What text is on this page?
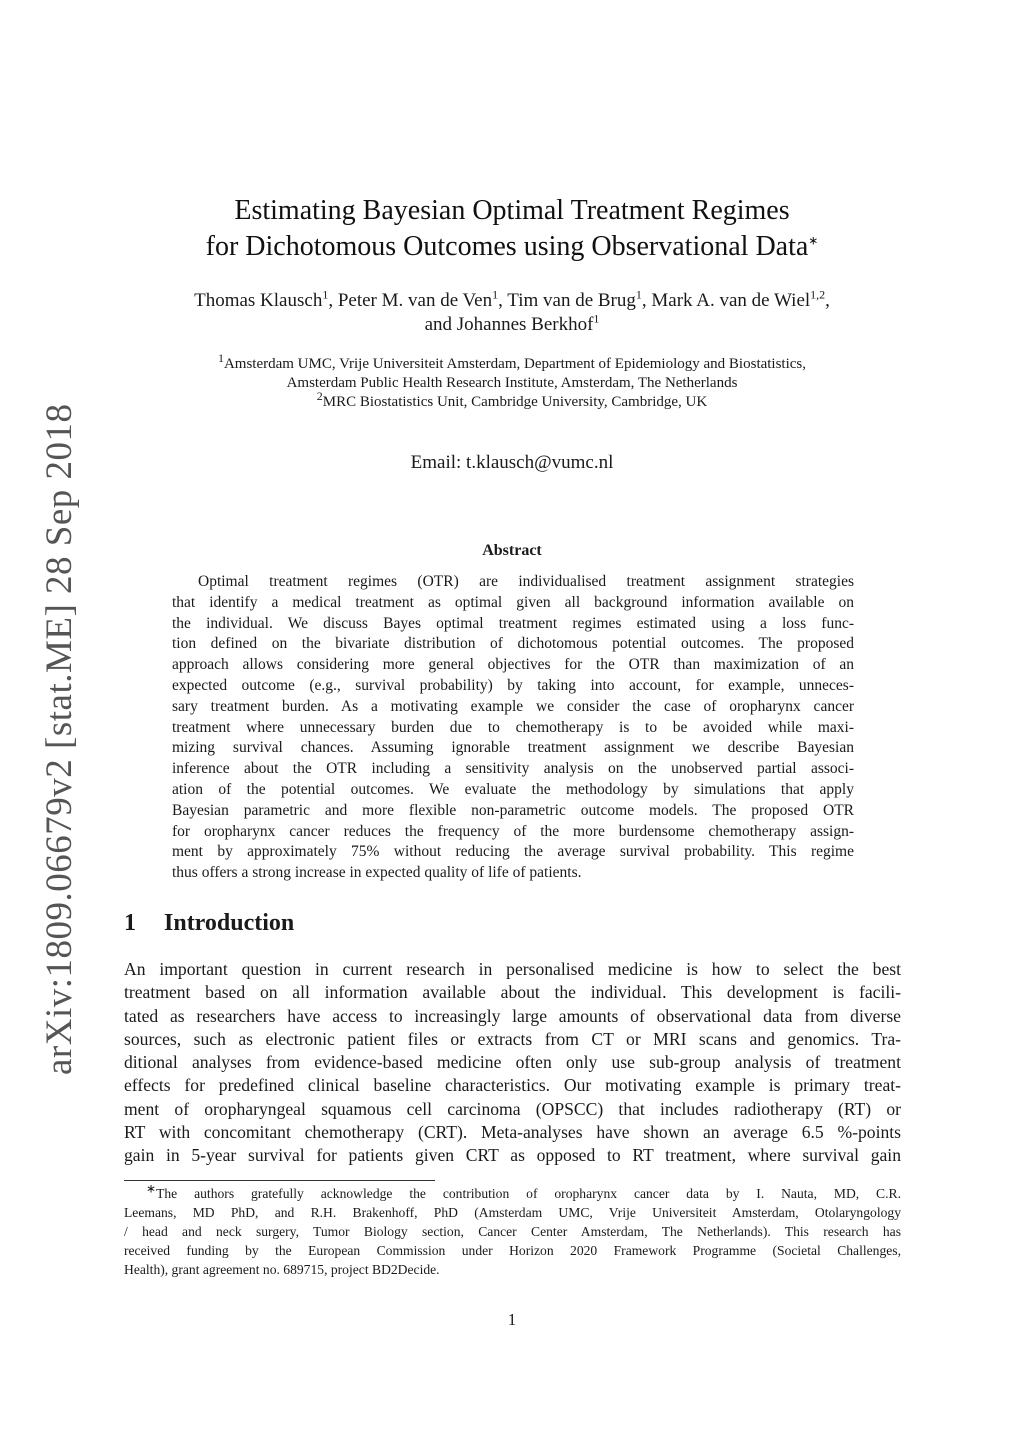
arXiv:1809.06679v2 [stat.ME] 28 Sep 2018
Estimating Bayesian Optimal Treatment Regimes
for Dichotomous Outcomes using Observational Data∗
Thomas Klausch$^1$, Peter M. van de Ven$^1$, Tim van de Brug$^1$, Mark A. van de Wiel$^{1,2}$,
and Johannes Berkhof$^1$
$^1$Amsterdam UMC, Vrije Universiteit Amsterdam, Department of Epidemiology and Biostatistics,
Amsterdam Public Health Research Institute, Amsterdam, The Netherlands
$^2$MRC Biostatistics Unit, Cambridge University, Cambridge, UK
Email: t.klausch@vumc.nl
Abstract
Optimal treatment regimes (OTR) are individualised treatment assignment strategies
that identify a medical treatment as optimal given all background information available on
the individual. We discuss Bayes optimal treatment regimes estimated using a loss func-
tion defined on the bivariate distribution of dichotomous potential outcomes. The proposed
approach allows considering more general objectives for the OTR than maximization of an
expected outcome (e.g., survival probability) by taking into account, for example, unneces-
sary treatment burden. As a motivating example we consider the case of oropharynx cancer
treatment where unnecessary burden due to chemotherapy is to be avoided while maxi-
mizing survival chances. Assuming ignorable treatment assignment we describe Bayesian
inference about the OTR including a sensitivity analysis on the unobserved partial associ-
ation of the potential outcomes. We evaluate the methodology by simulations that apply
Bayesian parametric and more flexible non-parametric outcome models. The proposed OTR
for oropharynx cancer reduces the frequency of the more burdensome chemotherapy assign-
ment by approximately 75% without reducing the average survival probability. This regime
thus offers a strong increase in expected quality of life of patients.
1 Introduction
An important question in current research in personalised medicine is how to select the best
treatment based on all information available about the individual. This development is facili-
tated as researchers have access to increasingly large amounts of observational data from diverse
sources, such as electronic patient files or extracts from CT or MRI scans and genomics. Tra-
ditional analyses from evidence-based medicine often only use sub-group analysis of treatment
effects for predefined clinical baseline characteristics. Our motivating example is primary treat-
ment of oropharyngeal squamous cell carcinoma (OPSCC) that includes radiotherapy (RT) or
RT with concomitant chemotherapy (CRT). Meta-analyses have shown an average 6.5 %-points
gain in 5-year survival for patients given CRT as opposed to RT treatment, where survival gain
∗The authors gratefully acknowledge the contribution of oropharynx cancer data by I. Nauta, MD, C.R.
Leemans, MD PhD, and R.H. Brakenhoff, PhD (Amsterdam UMC, Vrije Universiteit Amsterdam, Otolaryngology
/ head and neck surgery, Tumor Biology section, Cancer Center Amsterdam, The Netherlands). This research has
received funding by the European Commission under Horizon 2020 Framework Programme (Societal Challenges,
Health), grant agreement no. 689715, project BD2Decide.
1
